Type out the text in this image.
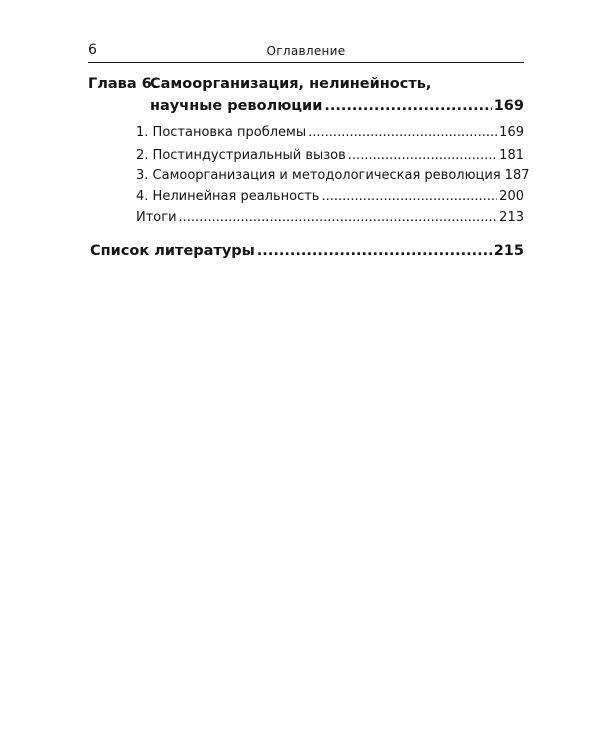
6	Оглавление
Глава 6.
Самоорганизация, нелинейность,
научные революции .....	169
1.
Постановка проблемы .....	169
2.
Постиндустриальный вызов .....	181
3.
Самоорганизация и методологическая революция 187
4.
Нелинейная реальность .....	200
Итоги .....	213
Список литературы .....	215
